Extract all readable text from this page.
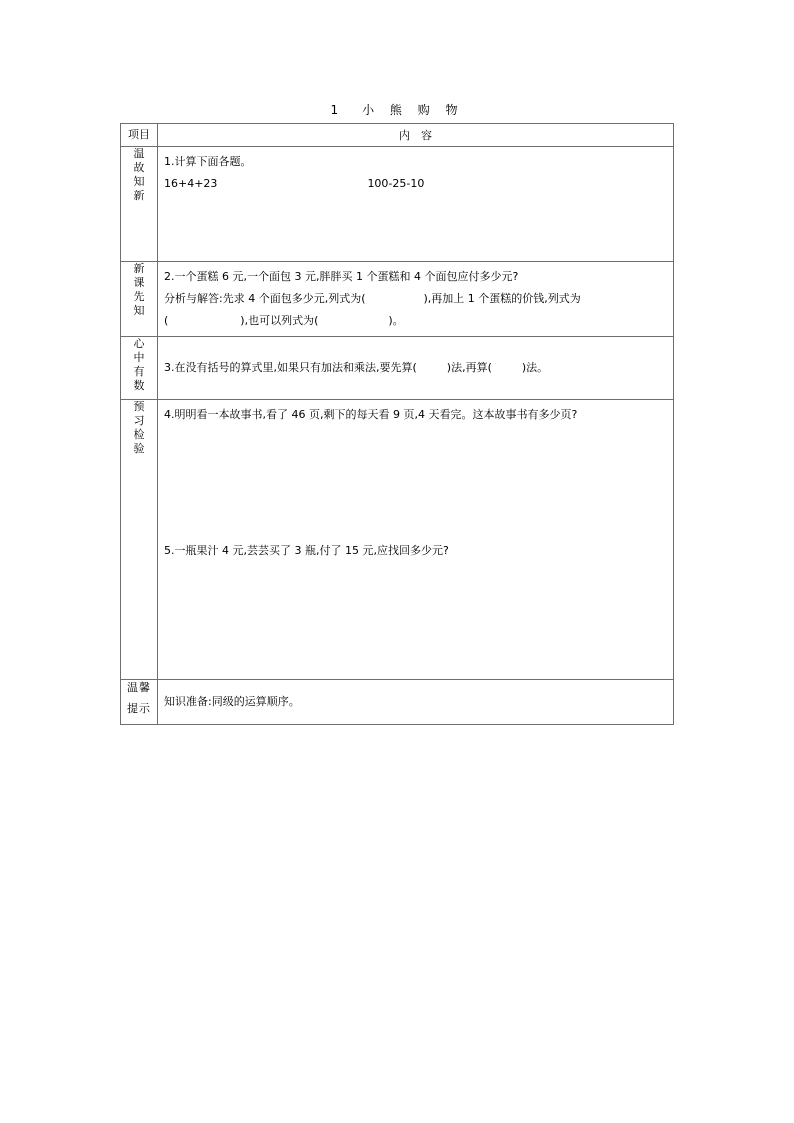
1　小 熊 购 物
项目	内　容

温故知新	1.计算下面各题。
16+4+23 100-25-10

新课先知	2.一个蛋糕 6 元,一个面包 3 元,胖胖买 1 个蛋糕和 4 个面包应付多少元?
分析与解答:先求 4 个面包多少元,列式为( ),再加上 1 个蛋糕的价钱,列式为
( ),也可以列式为( )。

心中有数	3.在没有括号的算式里,如果只有加法和乘法,要先算( )法,再算( )法。

预习检验	4.明明看一本故事书,看了 46 页,剩下的每天看 9 页,4 天看完。这本故事书有多少页?
5.一瓶果汁 4 元,芸芸买了 3 瓶,付了 15 元,应找回多少元?

温馨
提示	知识准备:同级的运算顺序。
